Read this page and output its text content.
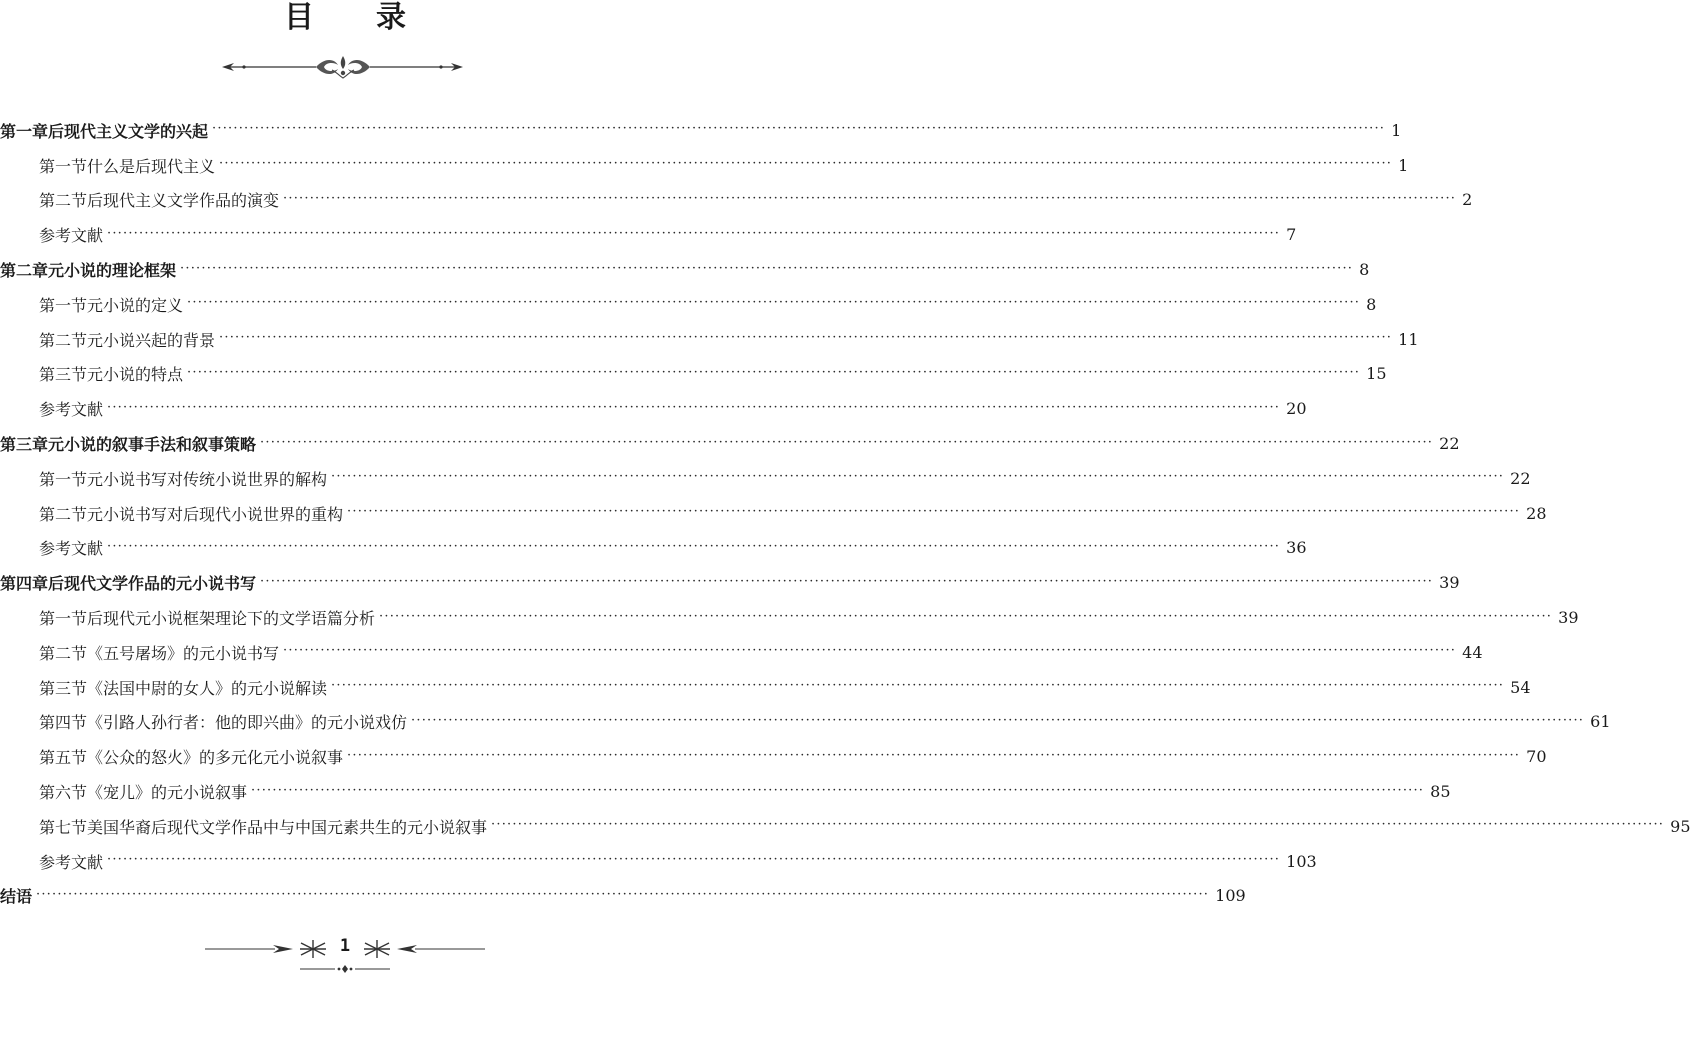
目录
第一章 后现代主义文学的兴起 ···························································································································································································································· 1
第一节 什么是后现代主义 ···························································································································································································································· 1
第二节 后现代主义文学作品的演变 ···························································································································································································································· 2
参考文献 ···························································································································································································································· 7
第二章 元小说的理论框架 ···························································································································································································································· 8
第一节 元小说的定义 ···························································································································································································································· 8
第二节 元小说兴起的背景 ···························································································································································································································· 11
第三节 元小说的特点 ···························································································································································································································· 15
参考文献 ···························································································································································································································· 20
第三章 元小说的叙事手法和叙事策略 ···························································································································································································································· 22
第一节 元小说书写对传统小说世界的解构 ···························································································································································································································· 22
第二节 元小说书写对后现代小说世界的重构 ···························································································································································································································· 28
参考文献 ···························································································································································································································· 36
第四章 后现代文学作品的元小说书写 ···························································································································································································································· 39
第一节 后现代元小说框架理论下的文学语篇分析 ···························································································································································································································· 39
第二节 《五号屠场》的元小说书写 ···························································································································································································································· 44
第三节 《法国中尉的女人》的元小说解读 ···························································································································································································································· 54
第四节 《引路人孙行者：他的即兴曲》的元小说戏仿 ···························································································································································································································· 61
第五节 《公众的怒火》的多元化元小说叙事 ···························································································································································································································· 70
第六节 《宠儿》的元小说叙事 ···························································································································································································································· 85
第七节 美国华裔后现代文学作品中与中国元素共生的元小说叙事 ···························································································································································································································· 95
参考文献 ···························································································································································································································· 103
结语 ···························································································································································································································· 109
1
